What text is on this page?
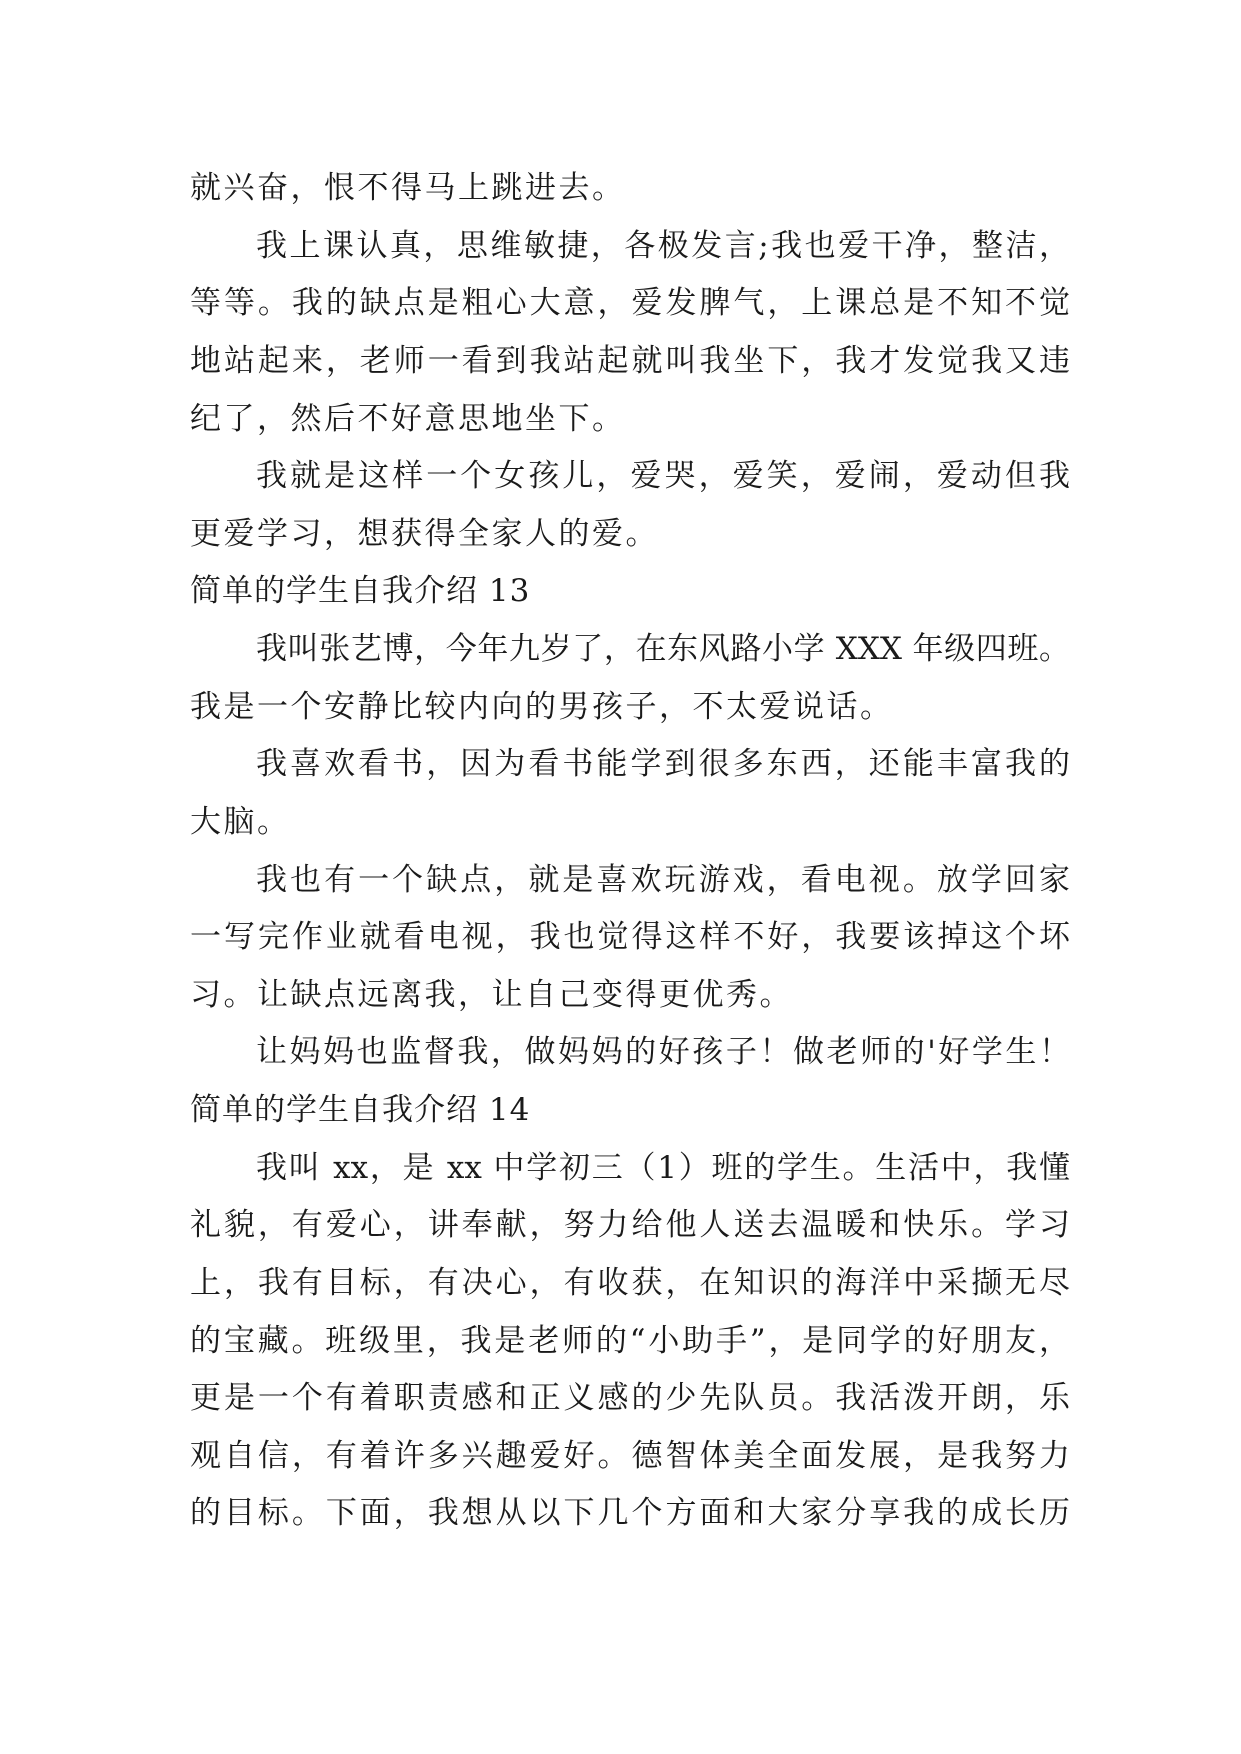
就兴奋，恨不得马上跳进去。
我上课认真，思维敏捷，各极发言;我也爱干净，整洁，
等等。我的缺点是粗心大意，爱发脾气，上课总是不知不觉
地站起来，老师一看到我站起就叫我坐下，我才发觉我又违
纪了，然后不好意思地坐下。
我就是这样一个女孩儿，爱哭，爱笑，爱闹，爱动但我
更爱学习，想获得全家人的爱。
简单的学生自我介绍 13
我叫张艺博，今年九岁了，在东风路小学 XXX 年级四班。
我是一个安静比较内向的男孩子，不太爱说话。
我喜欢看书，因为看书能学到很多东西，还能丰富我的
大脑。
我也有一个缺点，就是喜欢玩游戏，看电视。放学回家
一写完作业就看电视，我也觉得这样不好，我要该掉这个坏
习。让缺点远离我，让自己变得更优秀。
让妈妈也监督我，做妈妈的好孩子！做老师的'好学生！
简单的学生自我介绍 14
我叫 xx，是 xx 中学初三（1）班的学生。生活中，我懂
礼貌，有爱心，讲奉献，努力给他人送去温暖和快乐。学习
上，我有目标，有决心，有收获，在知识的海洋中采撷无尽
的宝藏。班级里，我是老师的“小助手”，是同学的好朋友，
更是一个有着职责感和正义感的少先队员。我活泼开朗，乐
观自信，有着许多兴趣爱好。德智体美全面发展，是我努力
的目标。下面，我想从以下几个方面和大家分享我的成长历
